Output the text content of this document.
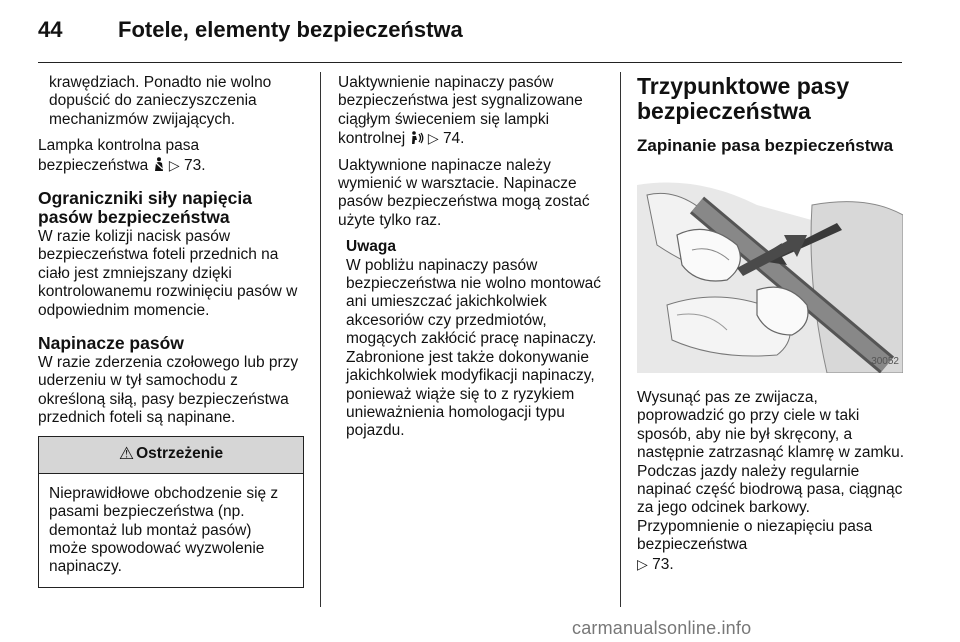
44	Fotele, elementy bezpieczeństwa

krawędziach. Ponadto nie wolno dopuścić do zanieczyszczenia mechanizmów zwijających.

Lampka kontrolna pasa bezpieczeństwa ▷ 73.

Ograniczniki siły napięcia pasów bezpieczeństwa

W razie kolizji nacisk pasów bezpieczeństwa foteli przednich na ciało jest zmniejszany dzięki kontrolowanemu rozwinięciu pasów w odpowiednim momencie.

Napinacze pasów

W razie zderzenia czołowego lub przy uderzeniu w tył samochodu z określoną siłą, pasy bezpieczeństwa przednich foteli są napinane.

⚠ Ostrzeżenie
Nieprawidłowe obchodzenie się z pasami bezpieczeństwa (np. demontaż lub montaż pasów) może spowodować wyzwolenie napinaczy.

Uaktywnienie napinaczy pasów bezpieczeństwa jest sygnalizowane ciągłym świeceniem się lampki kontrolnej ▷ 74.

Uaktywnione napinacze należy wymienić w warsztacie. Napinacze pasów bezpieczeństwa mogą zostać użyte tylko raz.

Uwaga
W pobliżu napinaczy pasów bezpieczeństwa nie wolno montować ani umieszczać jakichkolwiek akcesoriów czy przedmiotów, mogących zakłócić pracę napinaczy. Zabronione jest także dokonywanie jakichkolwiek modyfikacji napinaczy, ponieważ wiąże się to z ryzykiem unieważnienia homologacji typu pojazdu.
Trzypunktowe pasy bezpieczeństwa
Zapinanie pasa bezpieczeństwa
30052

Wysunąć pas ze zwijacza, poprowadzić go przy ciele w taki sposób, aby nie był skręcony, a następnie zatrzasnąć klamrę w zamku. Podczas jazdy należy regularnie napinać część biodrową pasa, ciągnąc za jego odcinek barkowy. Przypomnienie o niezapięciu pasa bezpieczeństwa
▷ 73.

carmanualsonline.info
